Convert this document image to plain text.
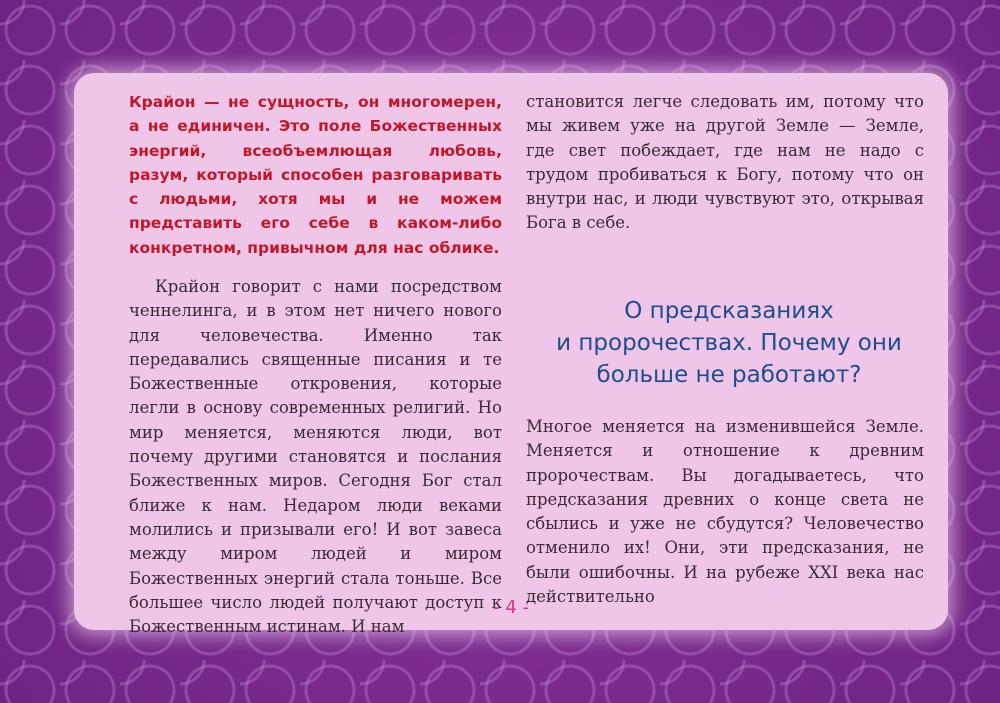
Крайон — не сущность, он многомерен, а не единичен. Это поле Божественных энергий, всеобъемлющая любовь, разум, который способен разговаривать с людьми, хотя мы и не можем представить его себе в каком-либо конкретном, привычном для нас облике.

Крайон говорит с нами посредством ченнелинга, и в этом нет ничего нового для человечества. Именно так передавались священные писания и те Божественные откровения, которые легли в основу современных религий. Но мир меняется, меняются люди, вот почему другими становятся и послания Божественных миров. Сегодня Бог стал ближе к нам. Недаром люди веками молились и призывали его! И вот завеса между миром людей и миром Божественных энергий стала тоньше. Все большее число людей получают доступ к Божественным истинам. И нам

становится легче следовать им, потому что мы живем уже на другой Земле — Земле, где свет побеждает, где нам не надо с трудом пробиваться к Богу, потому что он внутри нас, и люди чувствуют это, открывая Бога в себе.

О предсказаниях
и пророчествах. Почему они
больше не работают?

Многое меняется на изменившейся Земле. Меняется и отношение к древним пророчествам. Вы догадываетесь, что предсказания древних о конце света не сбылись и уже не сбудутся? Человечество отменило их! Они, эти предсказания, не были ошибочны. И на рубеже XXI века нас действительно

- 4 -
